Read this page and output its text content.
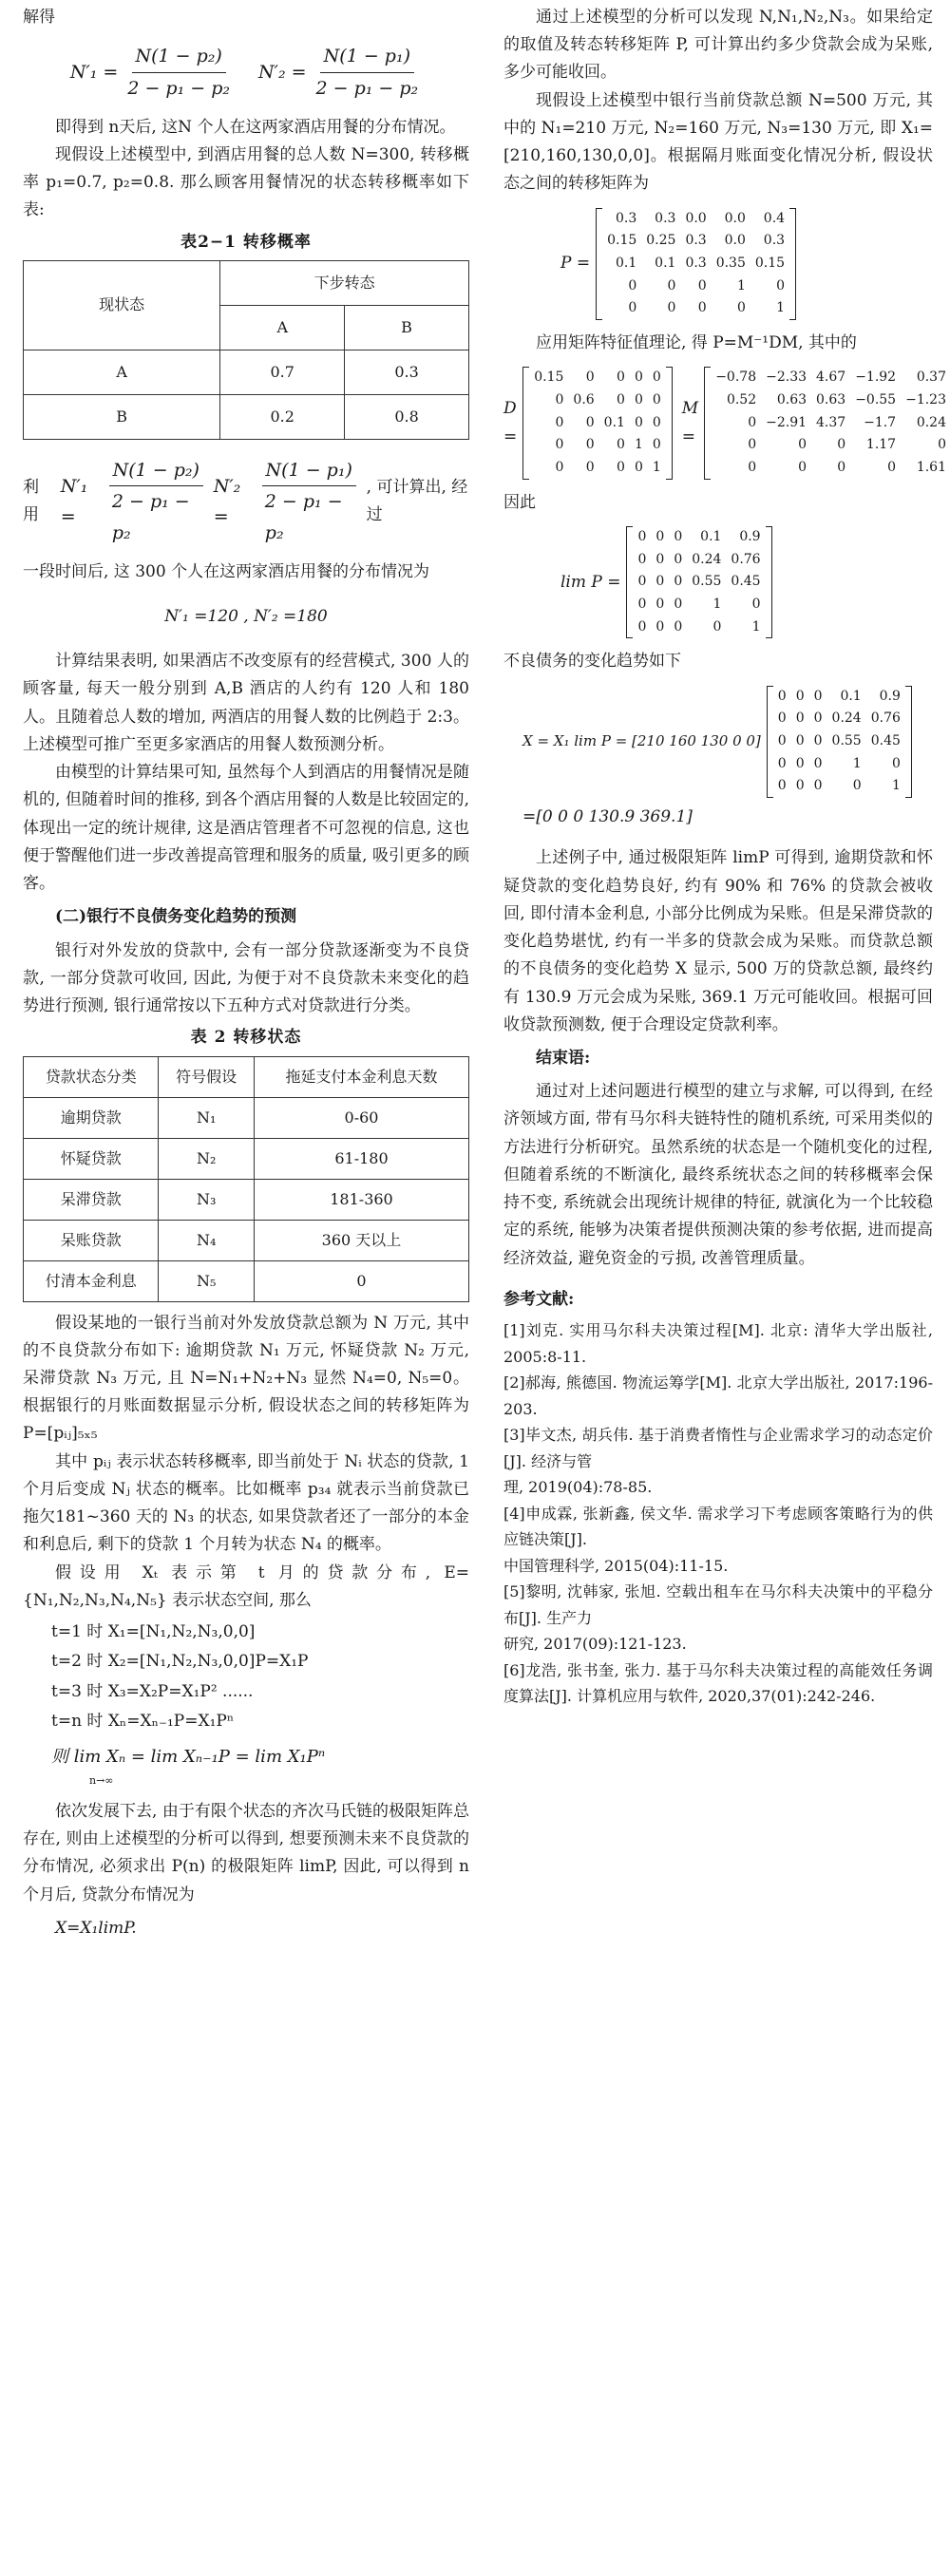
解得

$N'_1 = \frac{\text{N(1 − p₂)}}{\text{2 − p₁ − p₂}} N'_2 = \frac{\text{N(1 − p₁)}}{\text{2 − p₁ − p₂}}$

即得到 n天后, 这N 个人在这两家酒店用餐的分布情况。

现假设上述模型中, 到酒店用餐的总人数 N=300, 转移概率 p₁=0.7, p₂=0.8. 那么顾客用餐情况的状态转移概率如下表:

表2−1 转移概率
现状态	下步转态	
	A	B
A	0.7	0.3
B	0.2	0.8
利用
N′₁ =	$\frac{\text{N(1 − p₂)}}{\text{2 − p₁ − p₂}} N'_2$ =	$\frac{\text{N(1 − p₁)}}{\text{2 − p₁ − p₂}}$ , 可计算出, 经过

一段时间后, 这 300 个人在这两家酒店用餐的分布情况为

N′₁ =120 , N′₂ =180

计算结果表明, 如果酒店不改变原有的经营模式, 300 人的顾客量, 每天一般分别到 A,B 酒店的人约有 120 人和 180 人。且随着总人数的增加, 两酒店的用餐人数的比例趋于 2:3。上述模型可推广至更多家酒店的用餐人数预测分析。

由模型的计算结果可知, 虽然每个人到酒店的用餐情况是随机的, 但随着时间的推移, 到各个酒店用餐的人数是比较固定的, 体现出一定的统计规律, 这是酒店管理者不可忽视的信息, 这也便于警醒他们进一步改善提高管理和服务的质量, 吸引更多的顾客。

(二)银行不良债务变化趋势的预测

银行对外发放的贷款中, 会有一部分贷款逐渐变为不良贷款, 一部分贷款可收回, 因此, 为便于对不良贷款未来变化的趋势进行预测, 银行通常按以下五种方式对贷款进行分类。

表 2 转移状态
贷款状态分类	符号假设	拖延支付本金利息天数
逾期贷款	N₁	0-60
怀疑贷款	N₂	61-180
呆滞贷款	N₃	181-360
呆账贷款	N₄	360 天以上
付清本金利息	N₅	0

假设某地的一银行当前对外发放贷款总额为 N 万元, 其中的不良贷款分布如下: 逾期贷款 N₁ 万元, 怀疑贷款 N₂ 万元, 呆滞贷款 N₃ 万元, 且 N=N₁+N₂+N₃ 显然 N₄=0, N₅=0。根据银行的月账面数据显示分析, 假设状态之间的转移矩阵为 P=[pᵢⱼ]₅ₓ₅

其中 pᵢⱼ 表示状态转移概率, 即当前处于 Nᵢ 状态的贷款, 1 个月后变成 Nⱼ 状态的概率。比如概率 p₃₄ 就表示当前贷款已拖欠181~360 天的 N₃ 的状态, 如果贷款者还了一部分的本金和利息后, 剩下的贷款 1 个月转为状态 N₄ 的概率。

假设用 Xₜ 表示第 t 月的贷款分布, E={N₁,N₂,N₃,N₄,N₅} 表示状态空间, 那么

t=1 时 X₁=[N₁,N₂,N₃,0,0]
t=2 时 X₂=[N₁,N₂,N₃,0,0]P=X₁P
t=3 时 X₃=X₂P=X₁P² ......
t=n 时 Xₙ=Xₙ₋₁P=X₁Pⁿ
则 lim Xₙ = lim Xₙ₋₁P = lim X₁Pⁿ
n→∞

依次发展下去, 由于有限个状态的齐次马氏链的极限矩阵总存在, 则由上述模型的分析可以得到, 想要预测未来不良贷款的分布情况, 必须求出 P(n) 的极限矩阵 limP, 因此, 可以得到 n 个月后, 贷款分布情况为

X=X₁limP.

通过上述模型的分析可以发现 N,N₁,N₂,N₃。如果给定的取值及转态转移矩阵 P, 可计算出约多少贷款会成为呆账, 多少可能收回。

现假设上述模型中银行当前贷款总额 N=500 万元, 其中的 N₁=210 万元, N₂=160 万元, N₃=130 万元, 即 X₁=[210,160,130,0,0]。根据隔月账面变化情况分析, 假设状态之间的转移矩阵为

P =
0.3	0.3	0.0	0.0	0.4
0.15	0.25	0.3	0.0	0.3
0.1	0.1	0.3	0.35	0.15
0	0	0	1	0
0	0	0	0	1

应用矩阵特征值理论, 得 P=M⁻¹DM, 其中的

D =
0.15	0	0	0	0
0	0.6	0	0	0
0	0	0.1	0	0
0	0	0	1	0
0	0	0	0	1
M =
−0.78	−2.33	4.67	−1.92	0.37
0.52	0.63	0.63	−0.55	−1.23
0	−2.91	4.37	−1.7	0.24
0	0	0	1.17	0
0	0	0	0	1.61

因此

lim P =
0	0	0	0.1	0.9
0	0	0	0.24	0.76
0	0	0	0.55	0.45
0	0	0	1	0
0	0	0	0	1

不良债务的变化趋势如下

X = X₁ lim P = [210 160 130 0 0]
0	0	0	0.1	0.9
0	0	0	0.24	0.76
0	0	0	0.55	0.45
0	0	0	1	0
0	0	0	0	1
=[0 0 0 130.9 369.1]

上述例子中, 通过极限矩阵 limP 可得到, 逾期贷款和怀疑贷款的变化趋势良好, 约有 90% 和 76% 的贷款会被收回, 即付清本金利息, 小部分比例成为呆账。但是呆滞贷款的变化趋势堪忧, 约有一半多的贷款会成为呆账。而贷款总额的不良债务的变化趋势 X 显示, 500 万的贷款总额, 最终约有 130.9 万元会成为呆账, 369.1 万元可能收回。根据可回收贷款预测数, 便于合理设定贷款利率。

结束语:

通过对上述问题进行模型的建立与求解, 可以得到, 在经济领域方面, 带有马尔科夫链特性的随机系统, 可采用类似的方法进行分析研究。虽然系统的状态是一个随机变化的过程, 但随着系统的不断演化, 最终系统状态之间的转移概率会保持不变, 系统就会出现统计规律的特征, 就演化为一个比较稳定的系统, 能够为决策者提供预测决策的参考依据, 进而提高经济效益, 避免资金的亏损, 改善管理质量。

参考文献:

[1]刘克. 实用马尔科夫决策过程[M]. 北京: 清华大学出版社, 2005:8-11.

[2]郝海, 熊德国. 物流运筹学[M]. 北京大学出版社, 2017:196-203.

[3]毕文杰, 胡兵伟. 基于消费者惰性与企业需求学习的动态定价[J]. 经济与管

理, 2019(04):78-85.

[4]申成霖, 张新鑫, 侯文华. 需求学习下考虑顾客策略行为的供应链决策[J].

中国管理科学, 2015(04):11-15.

[5]黎明, 沈韩家, 张旭. 空载出租车在马尔科夫决策中的平稳分布[J]. 生产力

研究, 2017(09):121-123.

[6]龙浩, 张书奎, 张力. 基于马尔科夫决策过程的高能效任务调度算法[J]. 计算机应用与软件, 2020,37(01):242-246.
